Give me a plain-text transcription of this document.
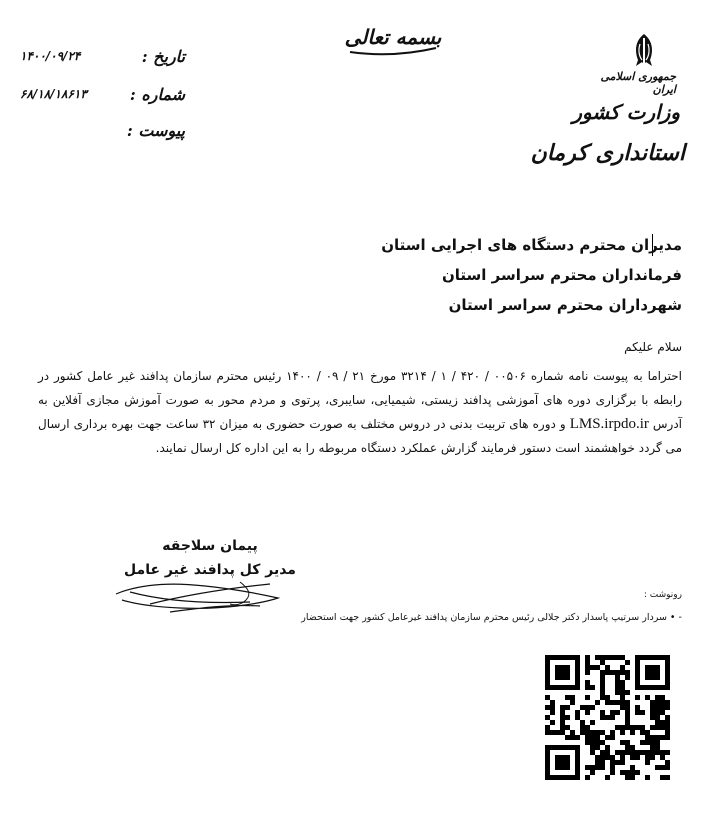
بسمه تعالی
جمهوری اسلامی ایران
وزارت کشور
استانداری کرمان
تاریخ :
۱۴۰۰/۰۹/۲۴
شماره :
۶۸/۱۸/۱۸۶۱۳
پیوست :
مدیران محترم دستگاه های اجرایی استان
فرمانداران محترم سراسر استان
شهرداران محترم سراسر استان
سلام علیکم
احتراما به پیوست نامه شماره ۰۰۵۰۶ / ۴۲۰ / ۱ / ۳۲۱۴ مورخ ۲۱ / ۰۹ / ۱۴۰۰ رئیس محترم سازمان پدافند غیر عامل کشور در رابطه با برگزاری دوره های آموزشی پدافند زیستی، شیمیایی، سایبری، پرتوی و مردم محور به صورت آموزش مجازی آفلاین به آدرس LMS.irpdo.ir و دوره های تربیت بدنی در دروس مختلف به صورت حضوری به میزان ۳۲ ساعت جهت بهره برداری ارسال می گردد خواهشمند است دستور فرمایند گزارش عملکرد دستگاه مربوطه را به این اداره کل ارسال نمایند.
پیمان سلاجقه
مدیر کل پدافند غیر عامل
رونوشت :
- • سردار سرتیپ پاسدار دکتر جلالی رئیس محترم سازمان پدافند غیرعامل کشور جهت استحضار
